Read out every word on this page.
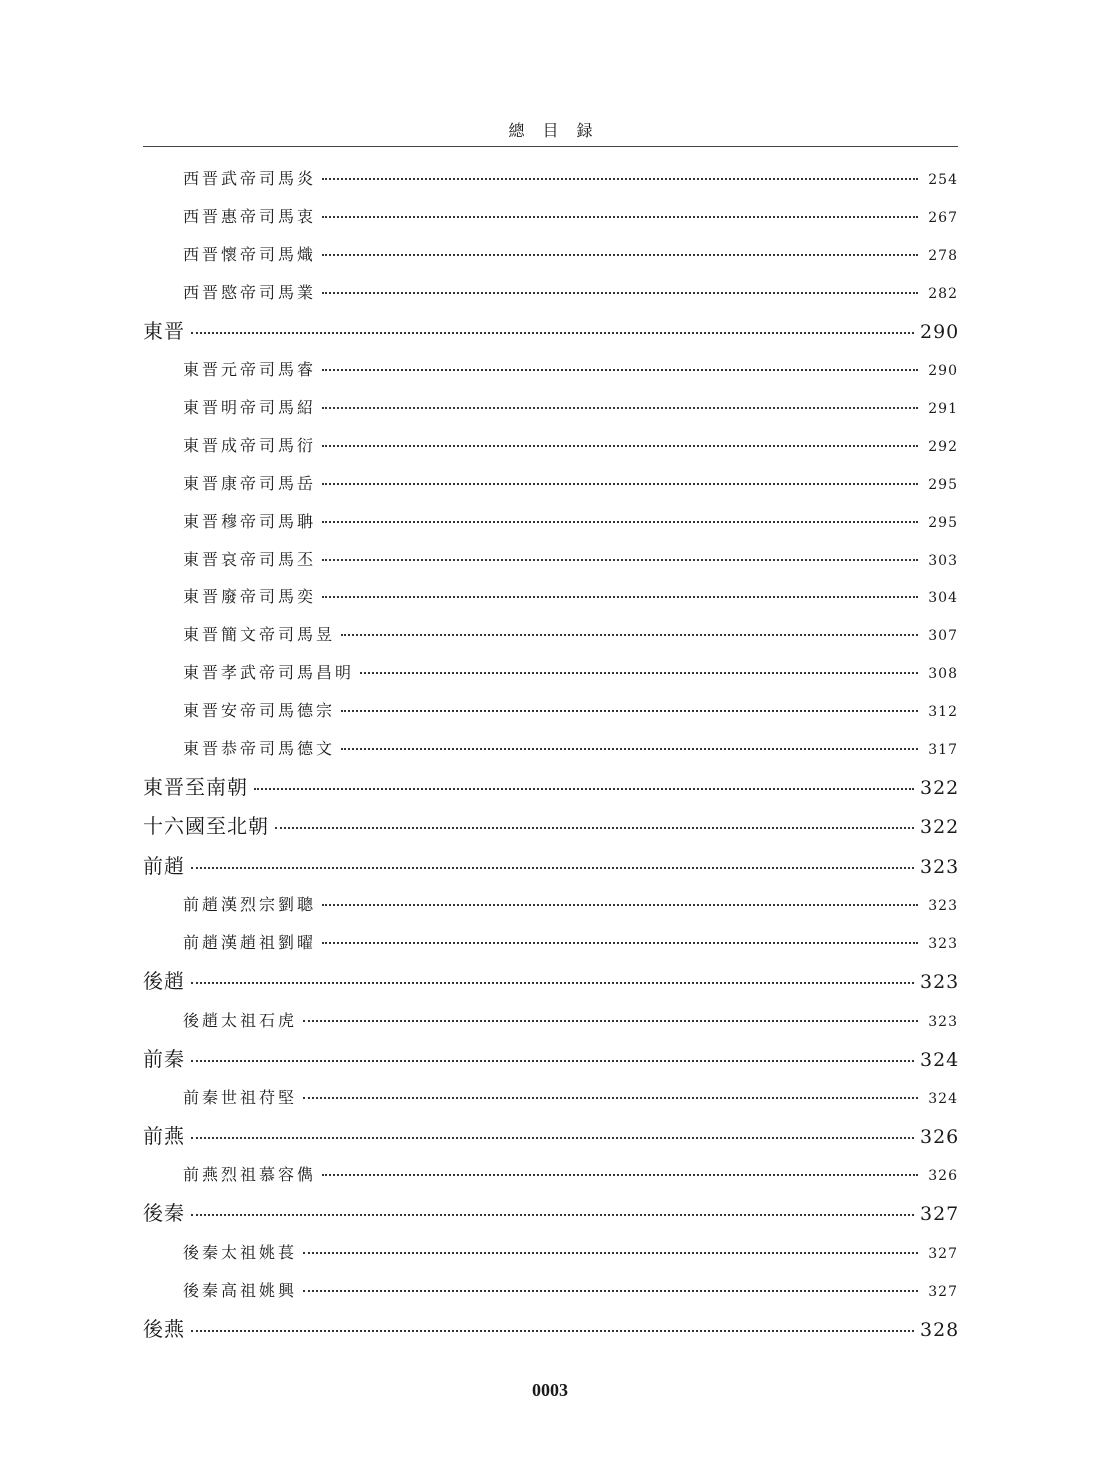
總目録
西晋武帝司馬炎	254
西晋惠帝司馬衷	267
西晋懷帝司馬熾	278
西晋愍帝司馬業	282
東晋	290
東晋元帝司馬睿	290
東晋明帝司馬紹	291
東晋成帝司馬衍	292
東晋康帝司馬岳	295
東晋穆帝司馬聃	295
東晋哀帝司馬丕	303
東晋廢帝司馬奕	304
東晋簡文帝司馬昱	307
東晋孝武帝司馬昌明	308
東晋安帝司馬德宗	312
東晋恭帝司馬德文	317
東晋至南朝	322
十六國至北朝	322
前趙	323
前趙漢烈宗劉聰	323
前趙漢趙祖劉曜	323
後趙	323
後趙太祖石虎	323
前秦	324
前秦世祖苻堅	324
前燕	326
前燕烈祖慕容儁	326
後秦	327
後秦太祖姚萇	327
後秦高祖姚興	327
後燕	328
0003
